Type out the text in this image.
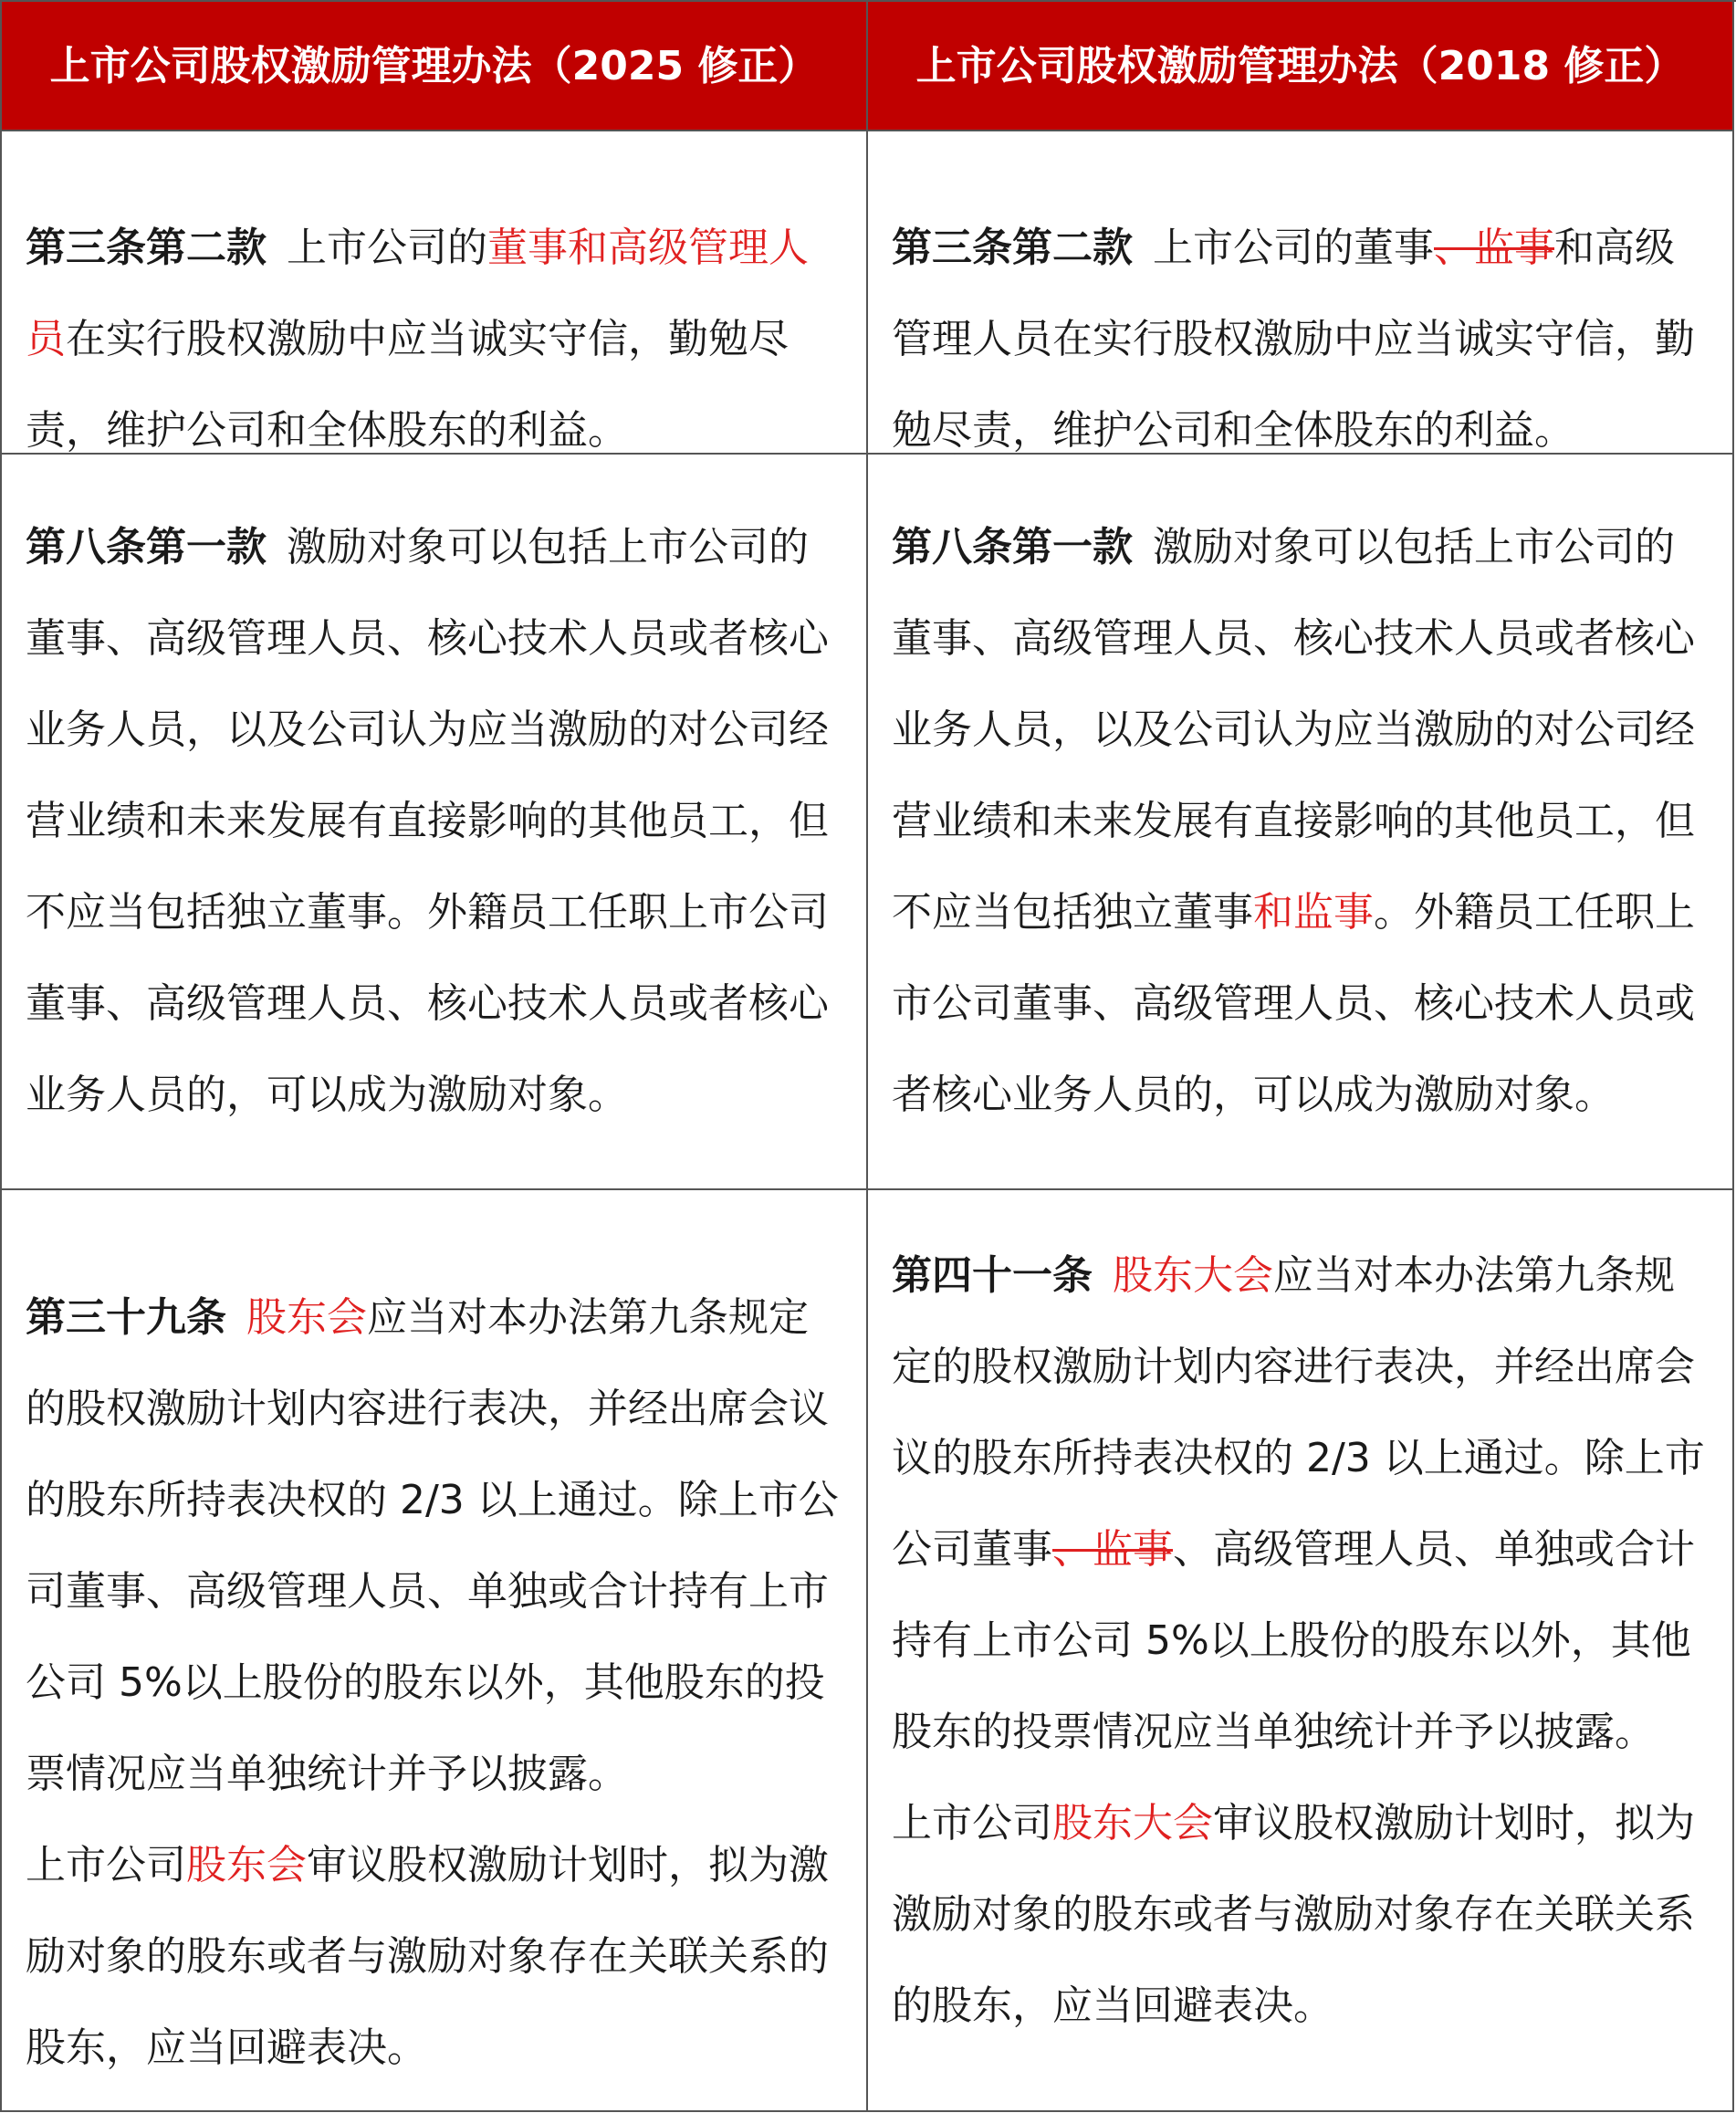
上市公司股权激励管理办法（2025 修正）	上市公司股权激励管理办法（2018 修正）
第三条第二款 上市公司的董事和高级管理人员在实行股权激励中应当诚实守信，勤勉尽责，维护公司和全体股东的利益。
第三条第二款 上市公司的董事、监事和高级管理人员在实行股权激励中应当诚实守信，勤勉尽责，维护公司和全体股东的利益。
第八条第一款 激励对象可以包括上市公司的董事、高级管理人员、核心技术人员或者核心业务人员，以及公司认为应当激励的对公司经营业绩和未来发展有直接影响的其他员工，但不应当包括独立董事。外籍员工任职上市公司董事、高级管理人员、核心技术人员或者核心业务人员的，可以成为激励对象。
第八条第一款 激励对象可以包括上市公司的董事、高级管理人员、核心技术人员或者核心业务人员，以及公司认为应当激励的对公司经营业绩和未来发展有直接影响的其他员工，但不应当包括独立董事和监事。外籍员工任职上市公司董事、高级管理人员、核心技术人员或者核心业务人员的，可以成为激励对象。
第三十九条 股东会应当对本办法第九条规定的股权激励计划内容进行表决，并经出席会议的股东所持表决权的 2/3 以上通过。除上市公司董事、高级管理人员、单独或合计持有上市公司 5%以上股份的股东以外，其他股东的投票情况应当单独统计并予以披露。
上市公司股东会审议股权激励计划时，拟为激励对象的股东或者与激励对象存在关联关系的股东，应当回避表决。
第四十一条 股东大会应当对本办法第九条规定的股权激励计划内容进行表决，并经出席会议的股东所持表决权的 2/3 以上通过。除上市公司董事、监事、高级管理人员、单独或合计持有上市公司 5%以上股份的股东以外，其他股东的投票情况应当单独统计并予以披露。
上市公司股东大会审议股权激励计划时，拟为激励对象的股东或者与激励对象存在关联关系的股东，应当回避表决。
